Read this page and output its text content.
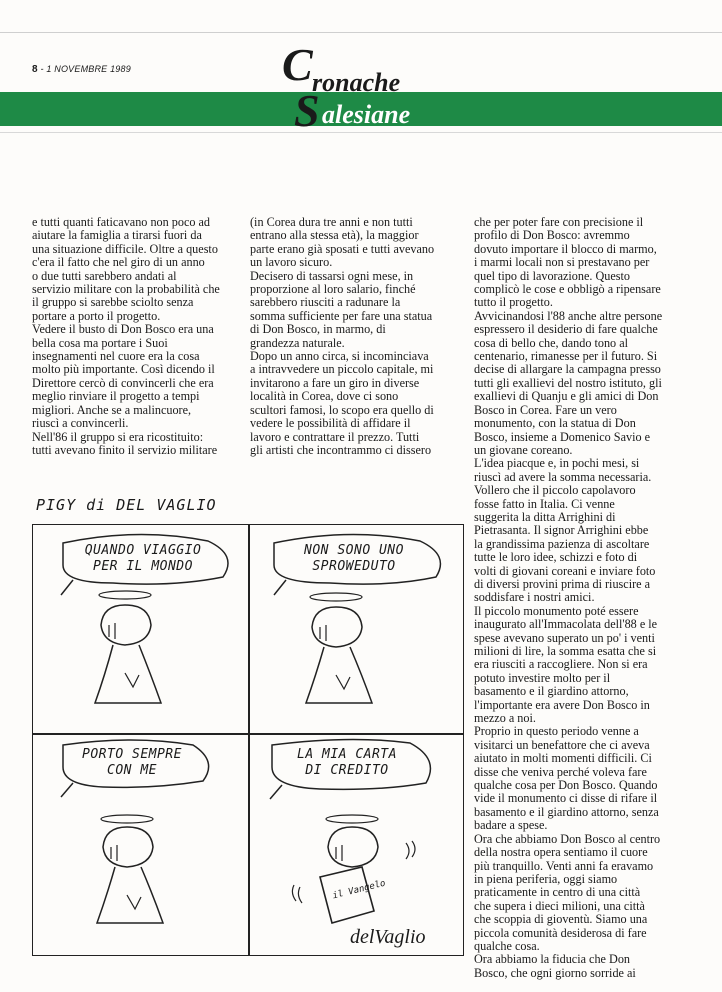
8 - 1 NOVEMBRE 1989	C ronache
S alesiane

e tutti quanti faticavano non poco ad

aiutare la famiglia a tirarsi fuori da

una situazione difficile. Oltre a questo

c'era il fatto che nel giro di un anno

o due tutti sarebbero andati al

servizio militare con la probabilità che

il gruppo si sarebbe sciolto senza

portare a porto il progetto.

Vedere il busto di Don Bosco era una

bella cosa ma portare i Suoi

insegnamenti nel cuore era la cosa

molto più importante. Così dicendo il

Direttore cercò di convincerli che era

meglio rinviare il progetto a tempi

migliori. Anche se a malincuore,

riuscì a convincerli.

Nell'86 il gruppo si era ricostituito:

tutti avevano finito il servizio militare

(in Corea dura tre anni e non tutti

entrano alla stessa età), la maggior

parte erano già sposati e tutti avevano

un lavoro sicuro.

Decisero di tassarsi ogni mese, in

proporzione al loro salario, finché

sarebbero riusciti a radunare la

somma sufficiente per fare una statua

di Don Bosco, in marmo, di

grandezza naturale.

Dopo un anno circa, si incominciava

a intravvedere un piccolo capitale, mi

invitarono a fare un giro in diverse

località in Corea, dove ci sono

scultori famosi, lo scopo era quello di

vedere le possibilità di affidare il

lavoro e contrattare il prezzo. Tutti

gli artisti che incontrammo ci dissero

che per poter fare con precisione il

profilo di Don Bosco: avremmo

dovuto importare il blocco di marmo,

i marmi locali non si prestavano per

quel tipo di lavorazione. Questo

complicò le cose e obbligò a ripensare

tutto il progetto.

Avvicinandosi l'88 anche altre persone

espressero il desiderio di fare qualche

cosa di bello che, dando tono al

centenario, rimanesse per il futuro. Si

decise di allargare la campagna presso

tutti gli exallievi del nostro istituto, gli

exallievi di Quanju e gli amici di Don

Bosco in Corea. Fare un vero

monumento, con la statua di Don

Bosco, insieme a Domenico Savio e

un giovane coreano.

L'idea piacque e, in pochi mesi, si

riuscì ad avere la somma necessaria.

Vollero che il piccolo capolavoro

fosse fatto in Italia. Ci venne

suggerita la ditta Arrighini di

Pietrasanta. Il signor Arrighini ebbe

la grandissima pazienza di ascoltare

tutte le loro idee, schizzi e foto di

volti di giovani coreani e inviare foto

di diversi provini prima di riuscire a

soddisfare i nostri amici.

Il piccolo monumento poté essere

inaugurato all'Immacolata dell'88 e le

spese avevano superato un po' i venti

milioni di lire, la somma esatta che si

era riusciti a raccogliere. Non si era

potuto investire molto per il

basamento e il giardino attorno,

l'importante era avere Don Bosco in

mezzo a noi.

Proprio in questo periodo venne a

visitarci un benefattore che ci aveva

aiutato in molti momenti difficili. Ci

disse che veniva perché voleva fare

qualche cosa per Don Bosco. Quando

vide il monumento ci disse di rifare il

basamento e il giardino attorno, senza

badare a spese.

Ora che abbiamo Don Bosco al centro

della nostra opera sentiamo il cuore

più tranquillo. Venti anni fa eravamo

in piena periferia, oggi siamo

praticamente in centro di una città

che supera i dieci milioni, una città

che scoppia di gioventù. Siamo una

piccola comunità desiderosa di fare

qualche cosa.

Ora abbiamo la fiducia che Don

Bosco, che ogni giorno sorride ai

PIGY di DEL VAGLIO
QUANDO VIAGGIO
PER IL MONDO
NON SONO UNO
SPROWEDUTO
PORTO SEMPRE
CON ME
LA MIA CARTA
DI CREDITO
il Vangelo
delVaglio
